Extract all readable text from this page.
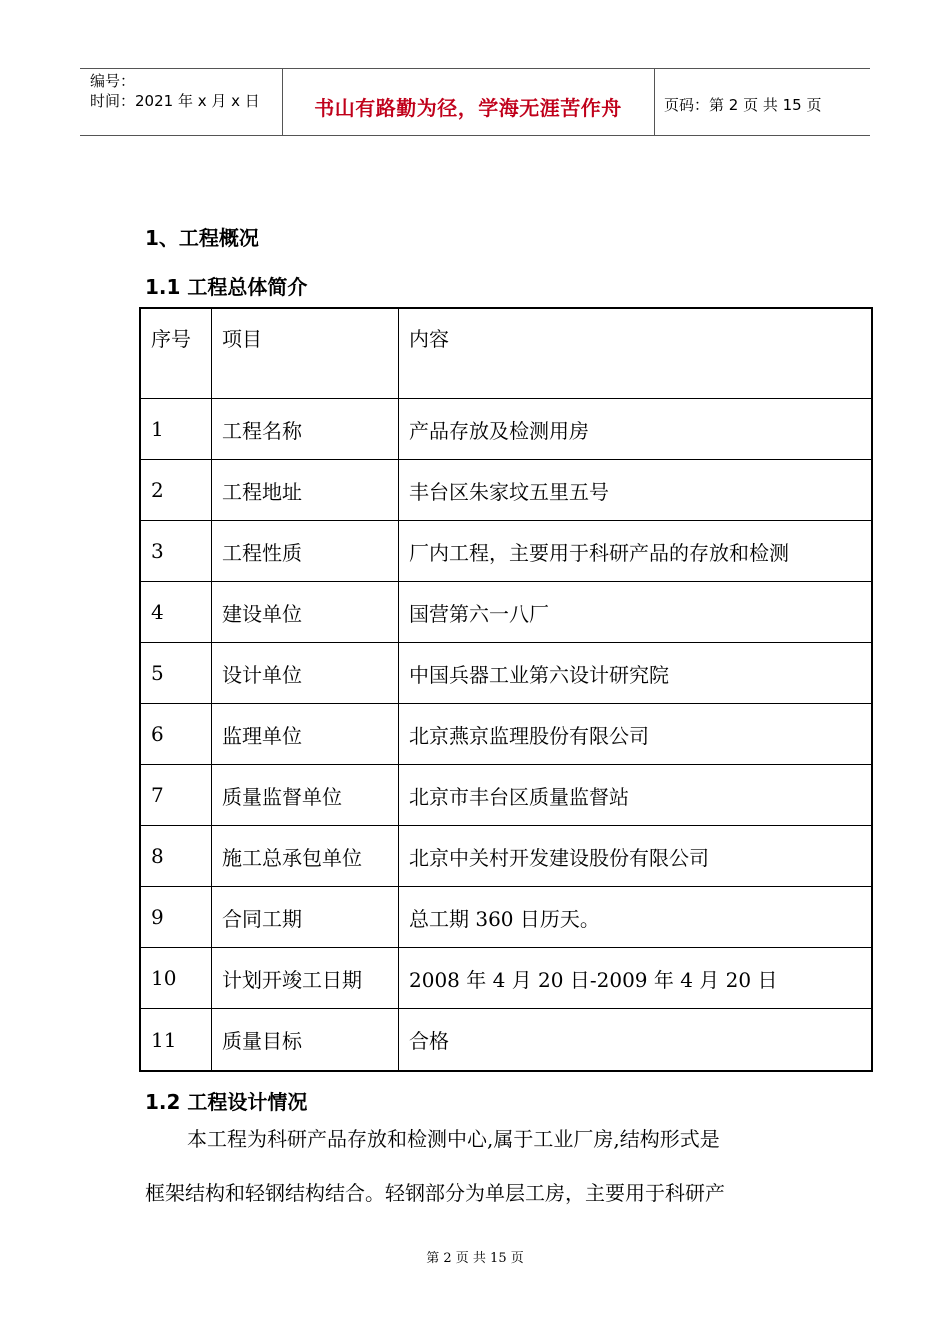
编号：
时间：2021 年 x 月 x 日	书山有路勤为径，学海无涯苦作舟	页码：第 2 页 共 15 页
1、工程概况
1.1 工程总体简介
序号	项目	内容
1	工程名称	产品存放及检测用房
2	工程地址	丰台区朱家坟五里五号
3	工程性质	厂内工程，主要用于科研产品的存放和检测
4	建设单位	国营第六一八厂
5	设计单位	中国兵器工业第六设计研究院
6	监理单位	北京燕京监理股份有限公司
7	质量监督单位	北京市丰台区质量监督站
8	施工总承包单位	北京中关村开发建设股份有限公司
9	合同工期	总工期 360 日历天。
10	计划开竣工日期	2008 年 4 月 20 日-2009 年 4 月 20 日
11	质量目标	合格
1.2 工程设计情况
本工程为科研产品存放和检测中心,属于工业厂房,结构形式是
框架结构和轻钢结构结合。轻钢部分为单层工房，主要用于科研产
第 2 页 共 15 页
